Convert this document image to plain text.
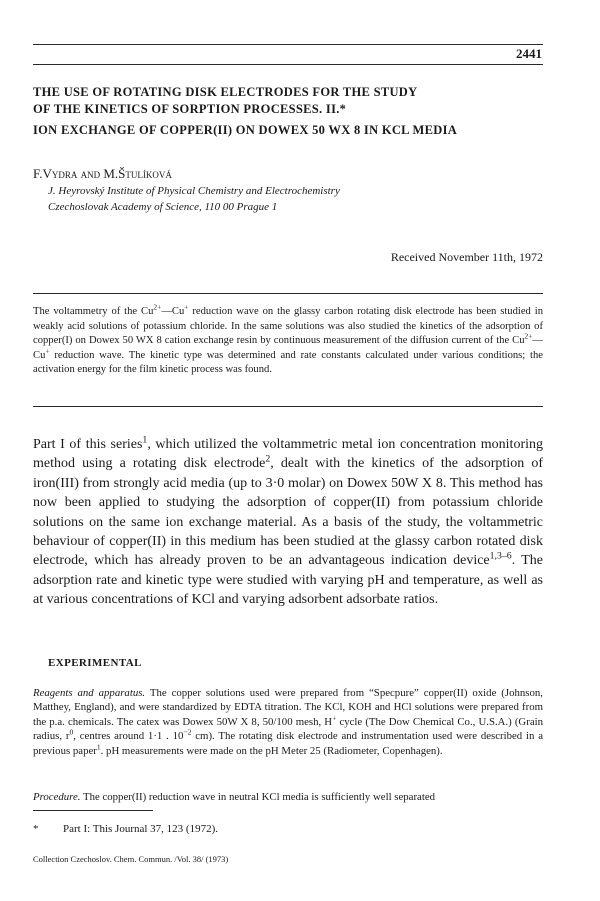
2441
THE USE OF ROTATING DISK ELECTRODES FOR THE STUDY
OF THE KINETICS OF SORPTION PROCESSES. II.*
ION EXCHANGE OF COPPER(II) ON DOWEX 50 WX 8 IN KCL MEDIA
F.Vydra and M.Štulíková
J. Heyrovský Institute of Physical Chemistry and Electrochemistry
Czechoslovak Academy of Science, 110 00 Prague 1
Received November 11th, 1972
The voltammetry of the $Cu^{2+}—Cu^+$ reduction wave on the glassy carbon rotating disk electrode has been studied in weakly acid solutions of potassium chloride. In the same solutions was also studied the kinetics of the adsorption of copper(I) on Dowex 50 WX 8 cation exchange resin by continuous measurement of the diffusion current of the $Cu^{2+}—Cu^+$ reduction wave. The kinetic type was determined and rate constants calculated under various conditions; the activation energy for the film kinetic process was found.
Part I of this series$^1$, which utilized the voltammetric metal ion concentration monitoring method using a rotating disk electrode$^2$, dealt with the kinetics of the adsorption of iron(III) from strongly acid media (up to 3·0 molar) on Dowex 50W X 8. This method has now been applied to studying the adsorption of copper(II) from potassium chloride solutions on the same ion exchange material. As a basis of the study, the voltammetric behaviour of copper(II) in this medium has been studied at the glassy carbon rotated disk electrode, which has already proven to be an advantageous indication device$^{1,3-6}$. The adsorption rate and kinetic type were studied with varying pH and temperature, as well as at various concentrations of KCl and varying adsorbent adsorbate ratios.
EXPERIMENTAL
Reagents and apparatus. The copper solutions used were prepared from “Specpure” copper(II) oxide (Johnson, Matthey, England), and were standardized by EDTA titration. The KCl, KOH and HCl solutions were prepared from the p.a. chemicals. The catex was Dowex 50W X 8, 50/100 mesh, H+ cycle (The Dow Chemical Co., U.S.A.) (Grain radius, $r^0$, centres around 1·1 . $10^{-2}$ cm). The rotating disk electrode and instrumentation used were described in a previous paper$^1$. pH measurements were made on the pH Meter 25 (Radiometer, Copenhagen).
Procedure. The copper(II) reduction wave in neutral KCl media is sufficiently well separated
* Part I: This Journal 37, 123 (1972).
Collection Czechoslov. Chem. Commun. /Vol. 38/ (1973)
